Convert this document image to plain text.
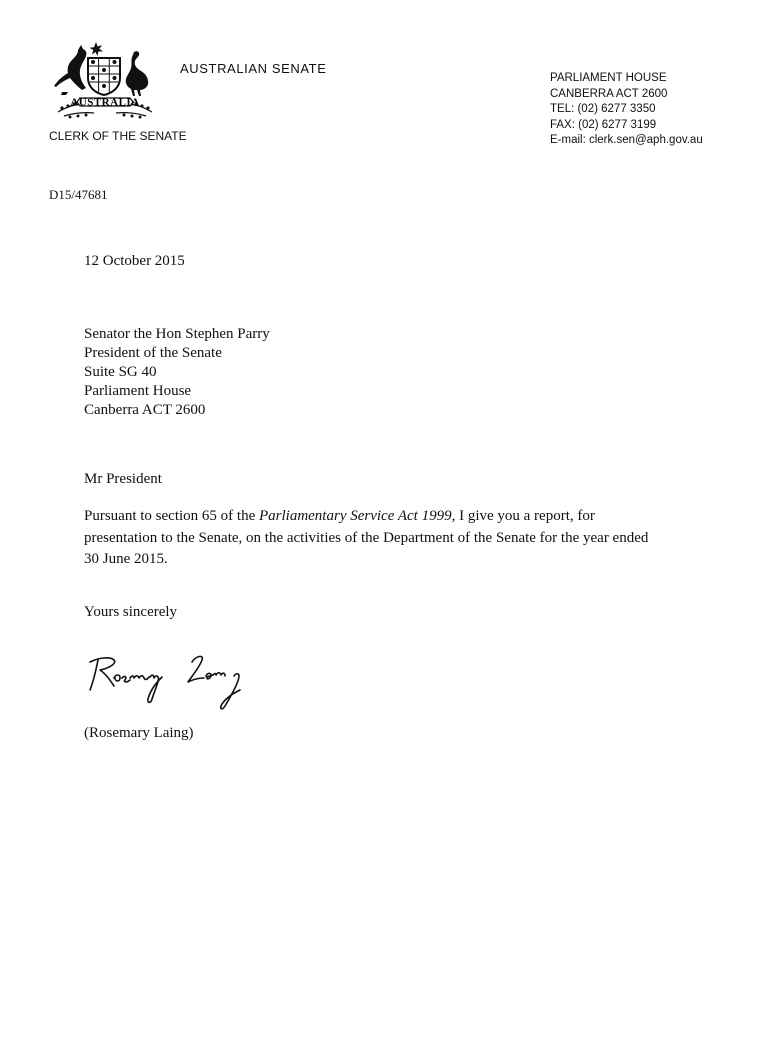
AUSTRALIA
AUSTRALIAN SENATE
CLERK OF THE SENATE
PARLIAMENT HOUSE
CANBERRA ACT 2600
TEL: (02) 6277 3350
FAX: (02) 6277 3199
E-mail: clerk.sen@aph.gov.au
D15/47681
12 October 2015
Senator the Hon Stephen Parry
President of the Senate
Suite SG 40
Parliament House
Canberra ACT 2600
Mr President
Pursuant to section 65 of the Parliamentary Service Act 1999, I give you a report, for
presentation to the Senate, on the activities of the Department of the Senate for the year ended
30 June 2015.
Yours sincerely
(Rosemary Laing)
